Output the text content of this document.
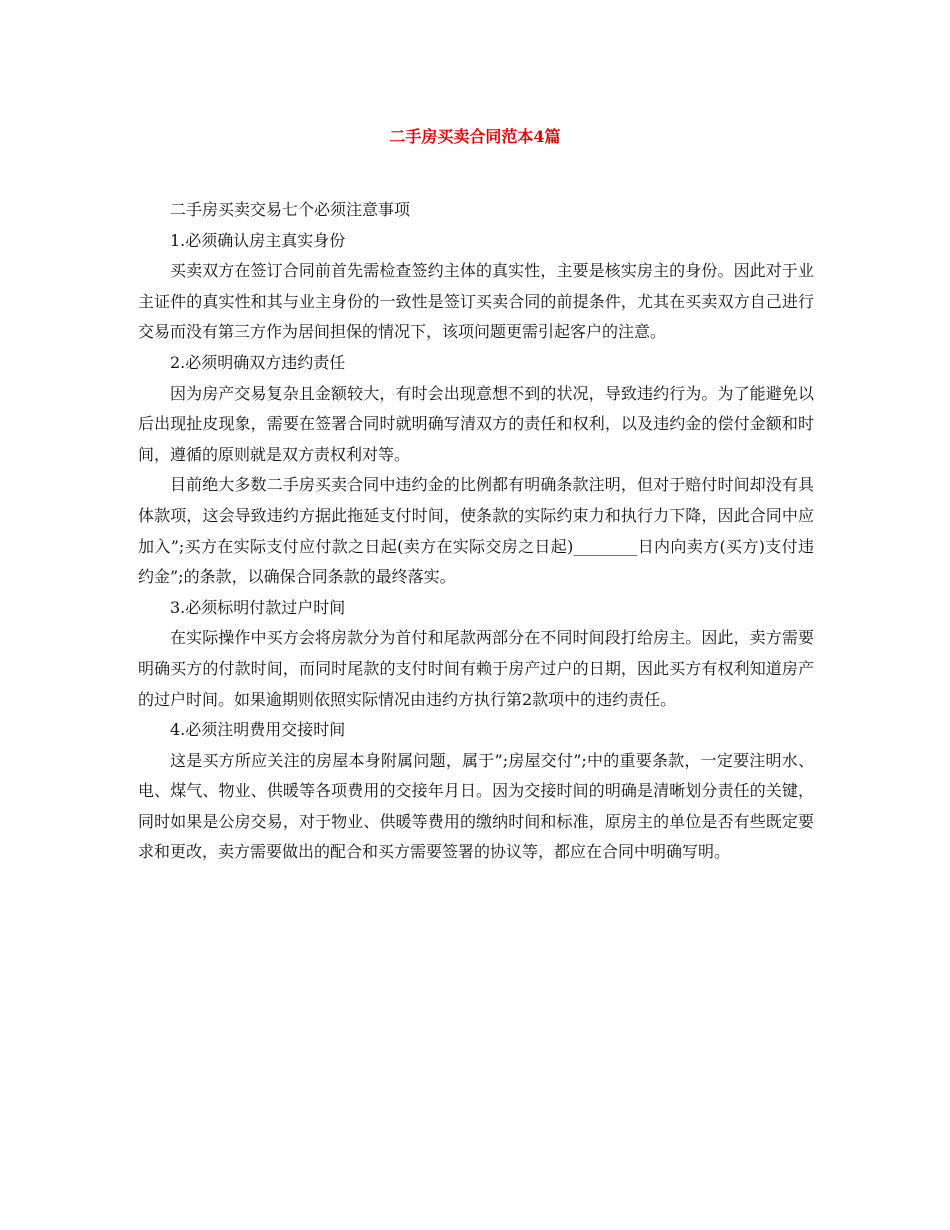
二手房买卖合同范本4篇

二手房买卖交易七个必须注意事项

1.必须确认房主真实身份

买卖双方在签订合同前首先需检查签约主体的真实性，主要是核实房主的身份。因此对于业主证件的真实性和其与业主身份的一致性是签订买卖合同的前提条件，尤其在买卖双方自己进行交易而没有第三方作为居间担保的情况下，该项问题更需引起客户的注意。

2.必须明确双方违约责任

因为房产交易复杂且金额较大，有时会出现意想不到的状况，导致违约行为。为了能避免以后出现扯皮现象，需要在签署合同时就明确写清双方的责任和权利，以及违约金的偿付金额和时间，遵循的原则就是双方责权利对等。

目前绝大多数二手房买卖合同中违约金的比例都有明确条款注明，但对于赔付时间却没有具体款项，这会导致违约方据此拖延支付时间，使条款的实际约束力和执行力下降，因此合同中应加入”;买方在实际支付应付款之日起(卖方在实际交房之日起)________日内向卖方(买方)支付违约金”;的条款，以确保合同条款的最终落实。

3.必须标明付款过户时间

在实际操作中买方会将房款分为首付和尾款两部分在不同时间段打给房主。因此，卖方需要明确买方的付款时间，而同时尾款的支付时间有赖于房产过户的日期，因此买方有权利知道房产的过户时间。如果逾期则依照实际情况由违约方执行第2款项中的违约责任。

4.必须注明费用交接时间

这是买方所应关注的房屋本身附属问题，属于”;房屋交付”;中的重要条款，一定要注明水、电、煤气、物业、供暖等各项费用的交接年月日。因为交接时间的明确是清晰划分责任的关键，同时如果是公房交易，对于物业、供暖等费用的缴纳时间和标准，原房主的单位是否有些既定要求和更改，卖方需要做出的配合和买方需要签署的协议等，都应在合同中明确写明。
